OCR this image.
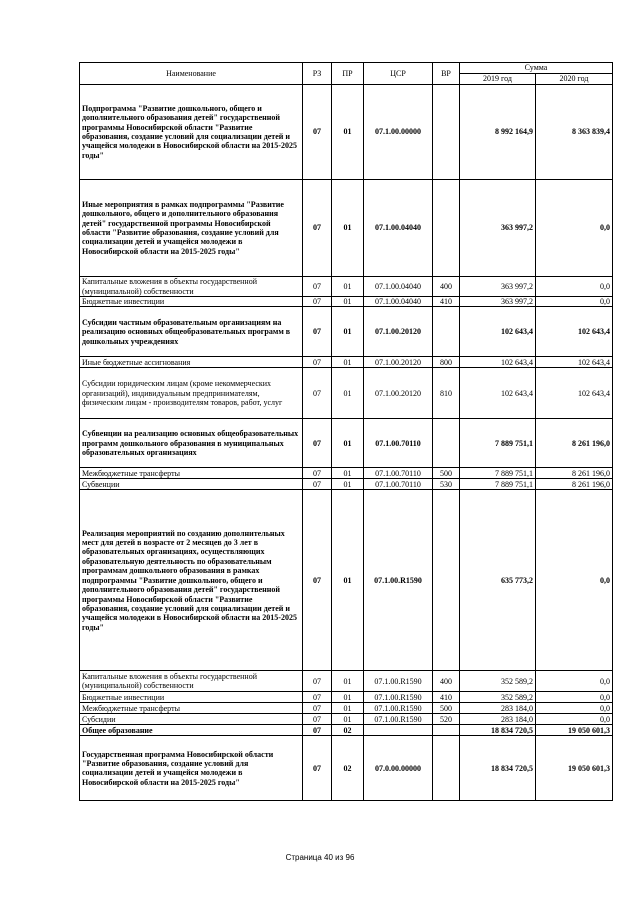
Наименование	РЗ	ПР	ЦСР	ВР	Сумма	
					2019 год	2020 год
Подпрограмма "Развитие дошкольного, общего и дополнительного образования детей" государственной программы Новосибирской области "Развитие образования, создание условий для социализации детей и учащейся молодежи в Новосибирской области на 2015-2025 годы"	07	01	07.1.00.00000		8 992 164,9	8 363 839,4
Иные мероприятия в рамках подпрограммы "Развитие дошкольного, общего и дополнительного образования детей" государственной программы Новосибирской области "Развитие образования, создание условий для социализации детей и учащейся молодежи в Новосибирской области на 2015-2025 годы"	07	01	07.1.00.04040		363 997,2	0,0
Капитальные вложения в объекты государственной (муниципальной) собственности	07	01	07.1.00.04040	400	363 997,2	0,0
Бюджетные инвестиции	07	01	07.1.00.04040	410	363 997,2	0,0
Субсидии частным образовательным организациям на реализацию основных общеобразовательных программ в дошкольных учреждениях	07	01	07.1.00.20120		102 643,4	102 643,4
Иные бюджетные ассигнования	07	01	07.1.00.20120	800	102 643,4	102 643,4
Субсидии юридическим лицам (кроме некоммерческих организаций), индивидуальным предпринимателям, физическим лицам - производителям товаров, работ, услуг	07	01	07.1.00.20120	810	102 643,4	102 643,4
Субвенции на реализацию основных общеобразовательных программ дошкольного образования в муниципальных образовательных организациях	07	01	07.1.00.70110		7 889 751,1	8 261 196,0
Межбюджетные трансферты	07	01	07.1.00.70110	500	7 889 751,1	8 261 196,0
Субвенции	07	01	07.1.00.70110	530	7 889 751,1	8 261 196,0
Реализация мероприятий по созданию дополнительных мест для детей в возрасте от 2 месяцев до 3 лет в образовательных организациях, осуществляющих образовательную деятельность по образовательным программам дошкольного образования в рамках подпрограммы "Развитие дошкольного, общего и дополнительного образования детей" государственной программы Новосибирской области "Развитие образования, создание условий для социализации детей и учащейся молодежи в Новосибирской области на 2015-2025 годы"	07	01	07.1.00.R1590		635 773,2	0,0
Капитальные вложения в объекты государственной (муниципальной) собственности	07	01	07.1.00.R1590	400	352 589,2	0,0
Бюджетные инвестиции	07	01	07.1.00.R1590	410	352 589,2	0,0
Межбюджетные трансферты	07	01	07.1.00.R1590	500	283 184,0	0,0
Субсидии	07	01	07.1.00.R1590	520	283 184,0	0,0
Общее образование	07	02			18 834 720,5	19 050 601,3
Государственная программа Новосибирской области "Развитие образования, создание условий для социализации детей и учащейся молодежи в Новосибирской области на 2015-2025 годы"	07	02	07.0.00.00000		18 834 720,5	19 050 601,3
Страница 40 из 96
